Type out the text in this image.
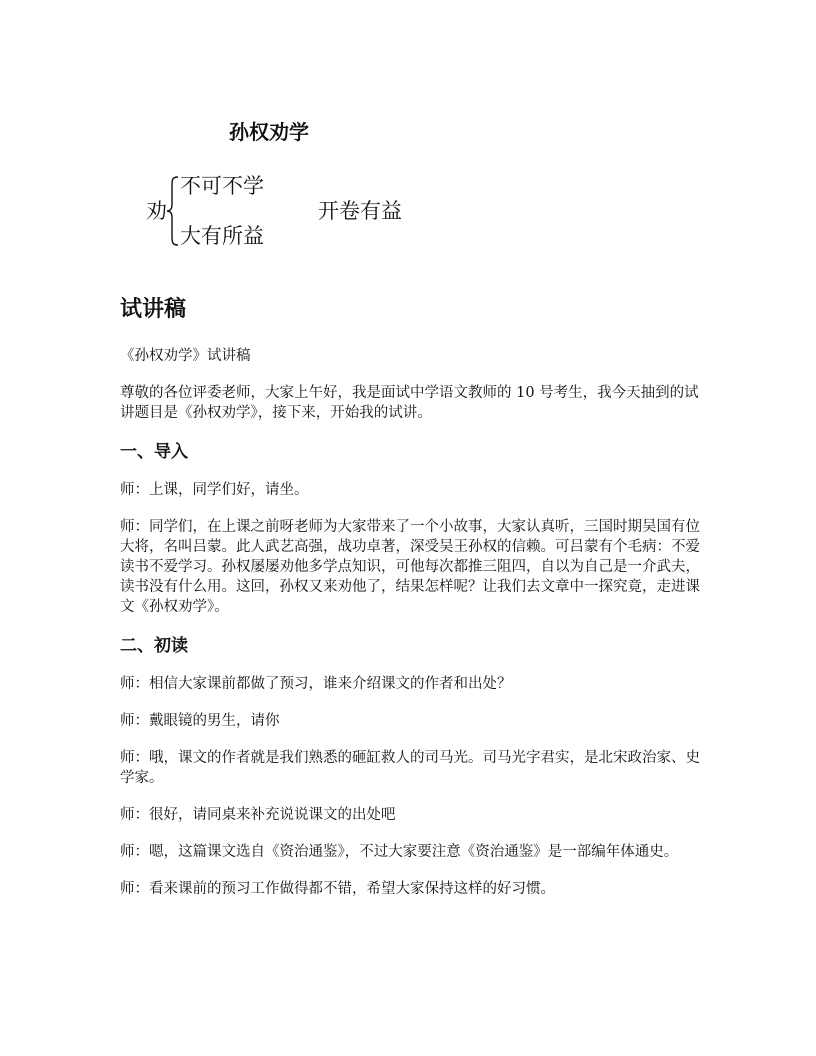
孙权劝学
劝
不可不学
大有所益
开卷有益
试讲稿
《孙权劝学》试讲稿
尊敬的各位评委老师，大家上午好，我是面试中学语文教师的 10 号考生，我今天抽到的试讲题目是《孙权劝学》，接下来，开始我的试讲。
一、导入
师：上课，同学们好，请坐。
师：同学们，在上课之前呀老师为大家带来了一个小故事，大家认真听，三国时期吴国有位大将，名叫吕蒙。此人武艺高强，战功卓著，深受吴王孙权的信赖。可吕蒙有个毛病：不爱读书不爱学习。孙权屡屡劝他多学点知识，可他每次都推三阻四，自以为自己是一介武夫，读书没有什么用。这回，孙权又来劝他了，结果怎样呢？让我们去文章中一探究竟，走进课文《孙权劝学》。
二、初读
师：相信大家课前都做了预习，谁来介绍课文的作者和出处？
师：戴眼镜的男生，请你
师：哦，课文的作者就是我们熟悉的砸缸救人的司马光。司马光字君实，是北宋政治家、史学家。
师：很好，请同桌来补充说说课文的出处吧
师：嗯，这篇课文选自《资治通鉴》，不过大家要注意《资治通鉴》是一部编年体通史。
师：看来课前的预习工作做得都不错，希望大家保持这样的好习惯。
